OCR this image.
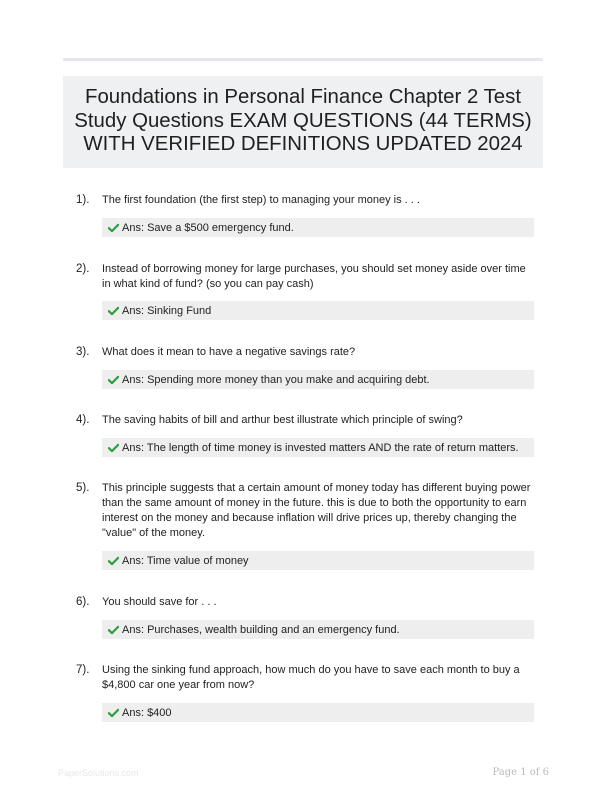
Foundations in Personal Finance Chapter 2 Test Study Questions EXAM QUESTIONS (44 TERMS) WITH VERIFIED DEFINITIONS UPDATED 2024
1). The first foundation (the first step) to managing your money is . . .
Ans: Save a $500 emergency fund.
2). Instead of borrowing money for large purchases, you should set money aside over time in what kind of fund? (so you can pay cash)
Ans: Sinking Fund
3). What does it mean to have a negative savings rate?
Ans: Spending more money than you make and acquiring debt.
4). The saving habits of bill and arthur best illustrate which principle of swing?
Ans: The length of time money is invested matters AND the rate of return matters.
5). This principle suggests that a certain amount of money today has different buying power than the same amount of money in the future. this is due to both the opportunity to earn interest on the money and because inflation will drive prices up, thereby changing the "value" of the money.
Ans: Time value of money
6). You should save for . . .
Ans: Purchases, wealth building and an emergency fund.
7). Using the sinking fund approach, how much do you have to save each month to buy a $4,800 car one year from now?
Ans: $400
PaperSolutions.com	Page 1 of 6
